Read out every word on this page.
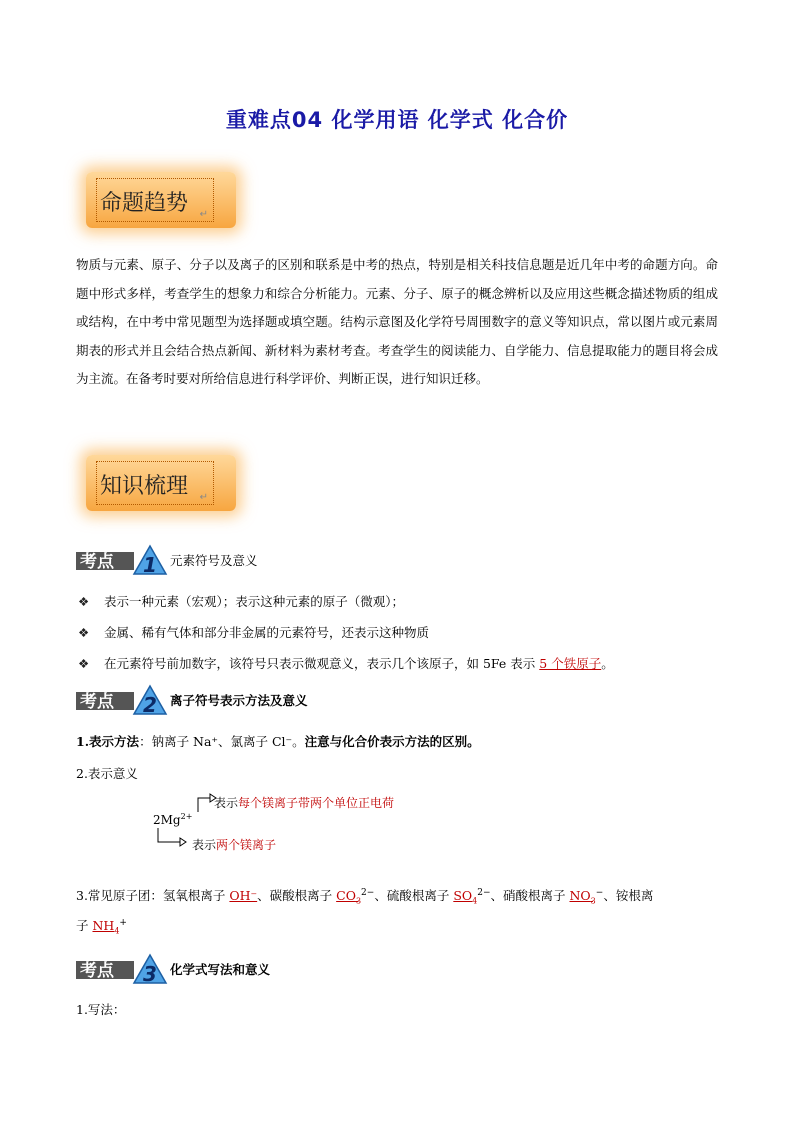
重难点04 化学用语 化学式 化合价
命题趋势 ↵
物质与元素、原子、分子以及离子的区别和联系是中考的热点，特别是相关科技信息题是近几年中考的命题方向。命题中形式多样，考查学生的想象力和综合分析能力。元素、分子、原子的概念辨析以及应用这些概念描述物质的组成或结构，在中考中常见题型为选择题或填空题。结构示意图及化学符号周围数字的意义等知识点，常以图片或元素周期表的形式并且会结合热点新闻、新材料为素材考查。考查学生的阅读能力、自学能力、信息提取能力的题目将会成为主流。在备考时要对所给信息进行科学评价、判断正误，进行知识迁移。
知识梳理 ↵
考点 1 元素符号及意义
❖ 表示一种元素（宏观）；表示这种元素的原子（微观）；
❖ 金属、稀有气体和部分非金属的元素符号，还表示这种物质
❖ 在元素符号前加数字，该符号只表示微观意义，表示几个该原子，如 5Fe 表示 5 个铁原子。
考点 2 离子符号表示方法及意义
1.表示方法：钠离子 Na⁺、氯离子 Cl⁻。注意与化合价表示方法的区别。
2.表示意义
$2Mg^{2+}$
表示每个镁离子带两个单位正电荷
表示两个镁离子
3.常见原子团：氢氧根离子 OH⁻、碳酸根离子 $CO_3^{2-}$、硫酸根离子 $SO_4^{2-}$、硝酸根离子 $NO_3^-$、铵根离
子 $NH_4^+$
考点 3 化学式写法和意义
1.写法：
